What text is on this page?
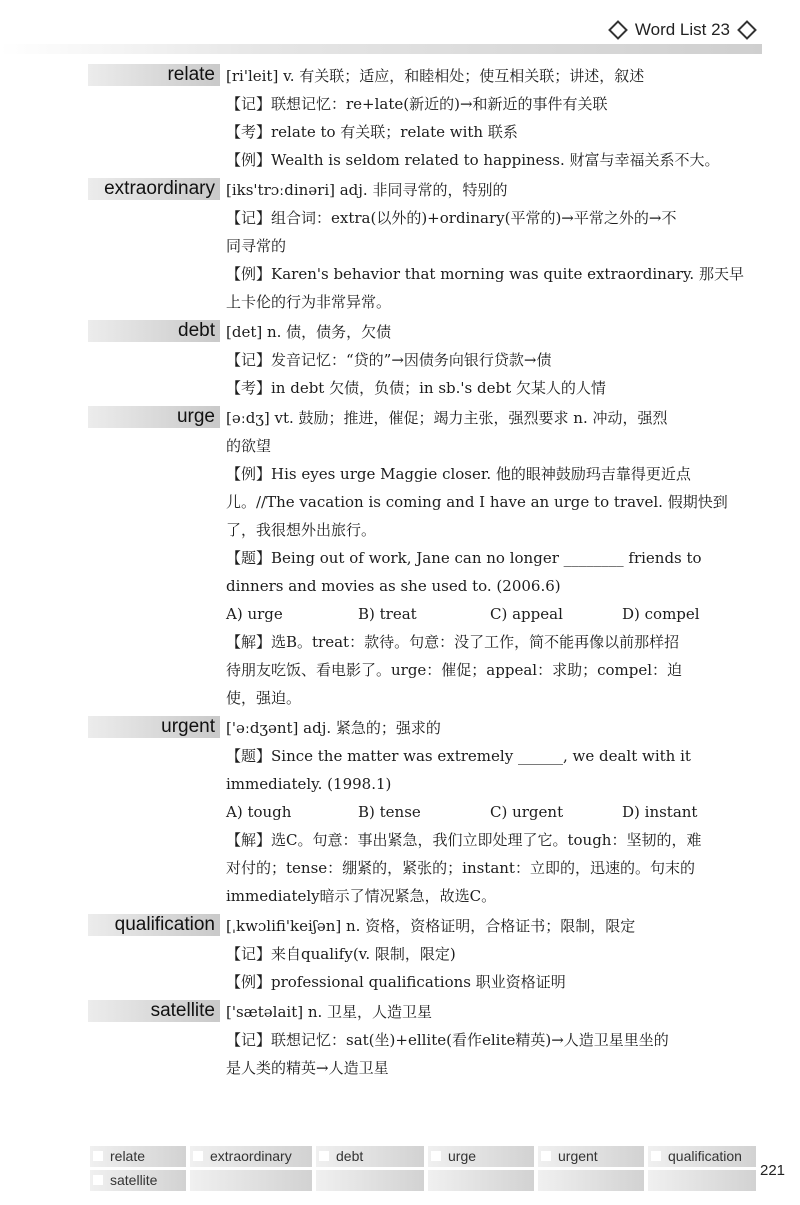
Word List 23
relate [ri'leit] v. 有关联；适应，和睦相处；使互相关联；讲述，叙述

【记】联想记忆：re+late(新近的)→和新近的事件有关联

【考】relate to 有关联；relate with 联系

【例】Wealth is seldom related to happiness. 财富与幸福关系不大。

extraordinary [iks'trɔːdinəri] adj. 非同寻常的，特别的

【记】组合词：extra(以外的)+ordinary(平常的)→平常之外的→不

同寻常的

【例】Karen's behavior that morning was quite extraordinary. 那天早

上卡伦的行为非常异常。

debt [det] n. 债，债务，欠债

【记】发音记忆：“贷的”→因债务向银行贷款→债

【考】in debt 欠债，负债；in sb.'s debt 欠某人的人情

urge [əːdʒ] vt. 鼓励；推进，催促；竭力主张，强烈要求 n. 冲动，强烈

的欲望

【例】His eyes urge Maggie closer. 他的眼神鼓励玛吉靠得更近点

儿。//The vacation is coming and I have an urge to travel. 假期快到

了，我很想外出旅行。

【题】Being out of work, Jane can no longer ________ friends to

dinners and movies as she used to. (2006.6)

A) urge	B) treat	C) appeal	D) compel

【解】选B。treat：款待。句意：没了工作，简不能再像以前那样招

待朋友吃饭、看电影了。urge：催促；appeal：求助；compel：迫

使，强迫。

urgent ['əːdʒənt] adj. 紧急的；强求的

【题】Since the matter was extremely ______, we dealt with it

immediately. (1998.1)

A) tough	B) tense	C) urgent	D) instant

【解】选C。句意：事出紧急，我们立即处理了它。tough：坚韧的，难

对付的；tense：绷紧的，紧张的；instant：立即的，迅速的。句末的

immediately暗示了情况紧急，故选C。

qualification [ˌkwɔlifi'keiʃən] n. 资格，资格证明，合格证书；限制，限定

【记】来自qualify(v. 限制，限定)

【例】professional qualifications 职业资格证明

satellite ['sætəlait] n. 卫星，人造卫星

【记】联想记忆：sat(坐)+ellite(看作elite精英)→人造卫星里坐的

是人类的精英→人造卫星

relate	extraordinary	debt	urge	urgent	qualification
satellite
221
